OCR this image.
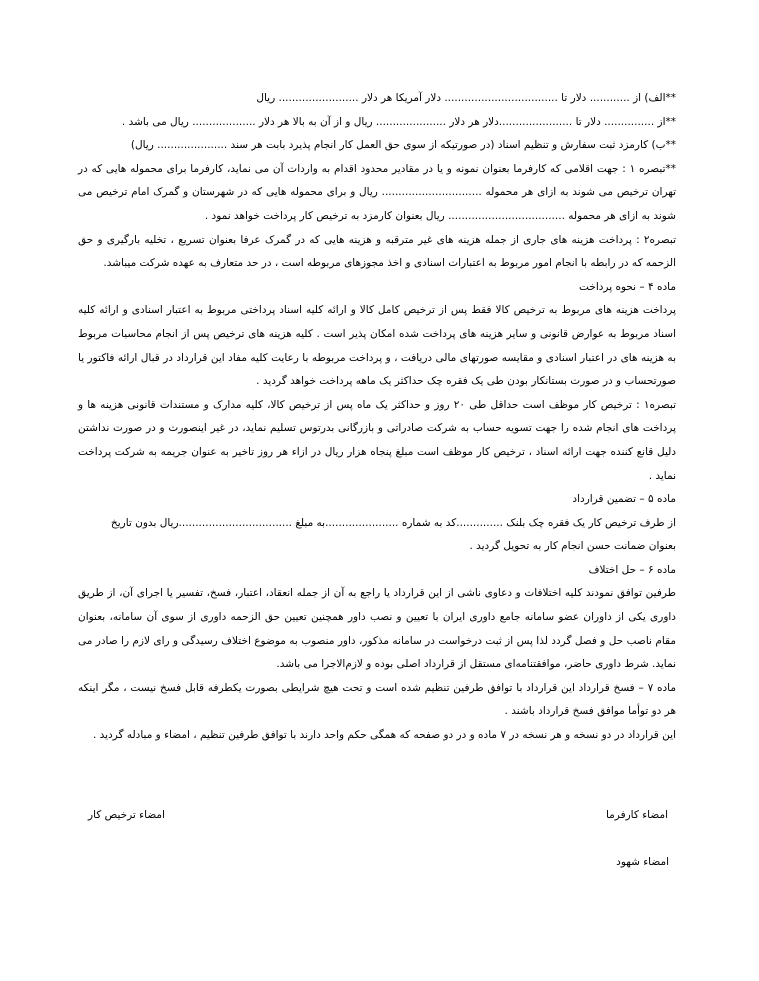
**الف) از ............ دلار تا .................................. دلار آمریکا هر دلار ........................ ریال
**از ............... دلار تا ......................دلار هر دلار ..................... ریال و از آن به بالا هر دلار ................... ریال می باشد .
**ب) کارمزد ثبت سفارش و تنظیم اسناد (در صورتیکه از سوی حق العمل کار انجام پذیرد بابت هر سند ..................... ریال)
**تبصره ۱ : جهت اقلامی که کارفرما بعنوان نمونه و یا در مقادیر محدود اقدام به واردات آن می نماید، کارفرما برای محموله هایی که در تهران ترخیص می شوند به ازای هر محموله .............................. ریال و برای محموله هایی که در شهرستان و گمرک امام ترخیص می شوند به ازای هر محموله ................................... ریال بعنوان کارمزد به ترخیص کار پرداخت خواهد نمود .
تبصره۲ : پرداخت هزینه های جاری از جمله هزینه های غیر مترقبه و هزینه هایی که در گمرک عرفا بعنوان تسریع ، تخلیه بارگیری و حق الزحمه که در رابطه با انجام امور مربوط به اعتبارات اسنادی و اخذ مجوزهای مربوطه است ، در حد متعارف به عهده شرکت میباشد.
ماده ۴ – نحوه پرداخت
پرداخت هزینه های مربوط به ترخیص کالا فقط پس از ترخیص کامل کالا و ارائه کلیه اسناد پرداختی مربوط به اعتبار اسنادی و ارائه کلیه اسناد مربوط به عوارض قانونی و سایر هزینه های پرداخت شده امکان پذیر است . کلیه هزینه های ترخیص پس از انجام محاسبات مربوط به هزینه های در اعتبار اسنادی و مقایسه صورتهای مالی دریافت ، و پرداخت مربوطه با رعایت کلیه مفاد این قرارداد در قبال ارائه فاکتور یا صورتحساب و در صورت بستانکار بودن طی یک فقره چک حداکثر یک ماهه پرداخت خواهد گردید .
تبصره۱ : ترخیص کار موظف است حداقل طی ۲۰ روز و حداکثر یک ماه پس از ترخیص کالا، کلیه مدارک و مستندات قانونی هزینه ها و پرداخت های انجام شده را جهت تسویه حساب به شرکت صادراتی و بازرگانی بدرتوس تسلیم نماید، در غیر اینصورت و در صورت نداشتن دلیل قانع کننده جهت ارائه اسناد ، ترخیص کار موظف است مبلغ پنجاه هزار ریال در ازاء هر روز تاخیر به عنوان جریمه به شرکت پرداخت نماید .
ماده ۵ – تضمین قرارداد
از طرف ترخیص کار یک فقره چک بلنک ..............کد به شماره ......................به مبلغ ..................................ریال بدون تاریخ
بعنوان ضمانت حسن انجام کار به تحویل گردید .
ماده ۶ – حل اختلاف
طرفین توافق نمودند کلیه اختلافات و دعاوی ناشی از این قرارداد یا راجع به آن از جمله انعقاد، اعتبار، فسخ، تفسیر یا اجرای آن، از طریق داوری یکی از داوران عضو سامانه جامع داوری ایران با تعیین و نصب داور همچنین تعیین حق الزحمه داوری از سوی آن سامانه، بعنوان مقام ناصب حل و فصل گردد لذا پس از ثبت درخواست در سامانه مذکور، داور منصوب به موضوع اختلاف رسیدگی و رای لازم را صادر می نماید. شرط داوری حاضر، موافقتنامه‌ای مستقل از قرارداد اصلی بوده و لازم‌الاجرا می باشد.
ماده ۷ – فسخ قرارداد این قرارداد با توافق طرفین تنظیم شده است و تحت هیچ شرایطی بصورت یکطرفه قابل فسخ نیست ، مگر اینکه هر دو توأما موافق فسخ قرارداد باشند .
این قرارداد در دو نسخه و هر نسخه در ۷ ماده و در دو صفحه که همگی حکم واحد دارند با توافق طرفین تنظیم ، امضاء و مبادله گردید .
امضاء کارفرما
امضاء ترخیص کار
امضاء شهود
